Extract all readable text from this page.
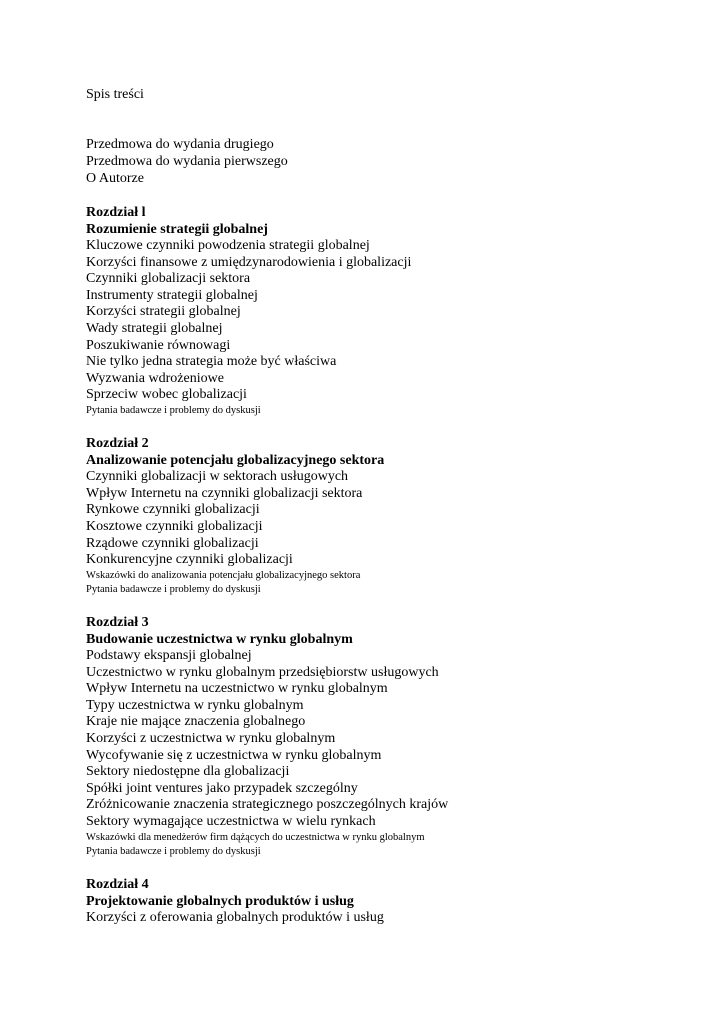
Spis treści
Przedmowa do wydania drugiego
Przedmowa do wydania pierwszego
O Autorze
Rozdział l
Rozumienie strategii globalnej
Kluczowe czynniki powodzenia strategii globalnej
Korzyści finansowe z umiędzynarodowienia i globalizacji
Czynniki globalizacji sektora
Instrumenty strategii globalnej
Korzyści strategii globalnej
Wady strategii globalnej
Poszukiwanie równowagi
Nie tylko jedna strategia może być właściwa
Wyzwania wdrożeniowe
Sprzeciw wobec globalizacji
Pytania badawcze i problemy do dyskusji
Rozdział 2
Analizowanie potencjału globalizacyjnego sektora
Czynniki globalizacji w sektorach usługowych
Wpływ Internetu na czynniki globalizacji sektora
Rynkowe czynniki globalizacji
Kosztowe czynniki globalizacji
Rządowe czynniki globalizacji
Konkurencyjne czynniki globalizacji
Wskazówki do analizowania potencjału globalizacyjnego sektora
Pytania badawcze i problemy do dyskusji
Rozdział 3
Budowanie uczestnictwa w rynku globalnym
Podstawy ekspansji globalnej
Uczestnictwo w rynku globalnym przedsiębiorstw usługowych
Wpływ Internetu na uczestnictwo w rynku globalnym
Typy uczestnictwa w rynku globalnym
Kraje nie mające znaczenia globalnego
Korzyści z uczestnictwa w rynku globalnym
Wycofywanie się z uczestnictwa w rynku globalnym
Sektory niedostępne dla globalizacji
Spółki joint ventures jako przypadek szczególny
Zróżnicowanie znaczenia strategicznego poszczególnych krajów
Sektory wymagające uczestnictwa w wielu rynkach
Wskazówki dla menedżerów firm dążących do uczestnictwa w rynku globalnym
Pytania badawcze i problemy do dyskusji
Rozdział 4
Projektowanie globalnych produktów i usług
Korzyści z oferowania globalnych produktów i usług
